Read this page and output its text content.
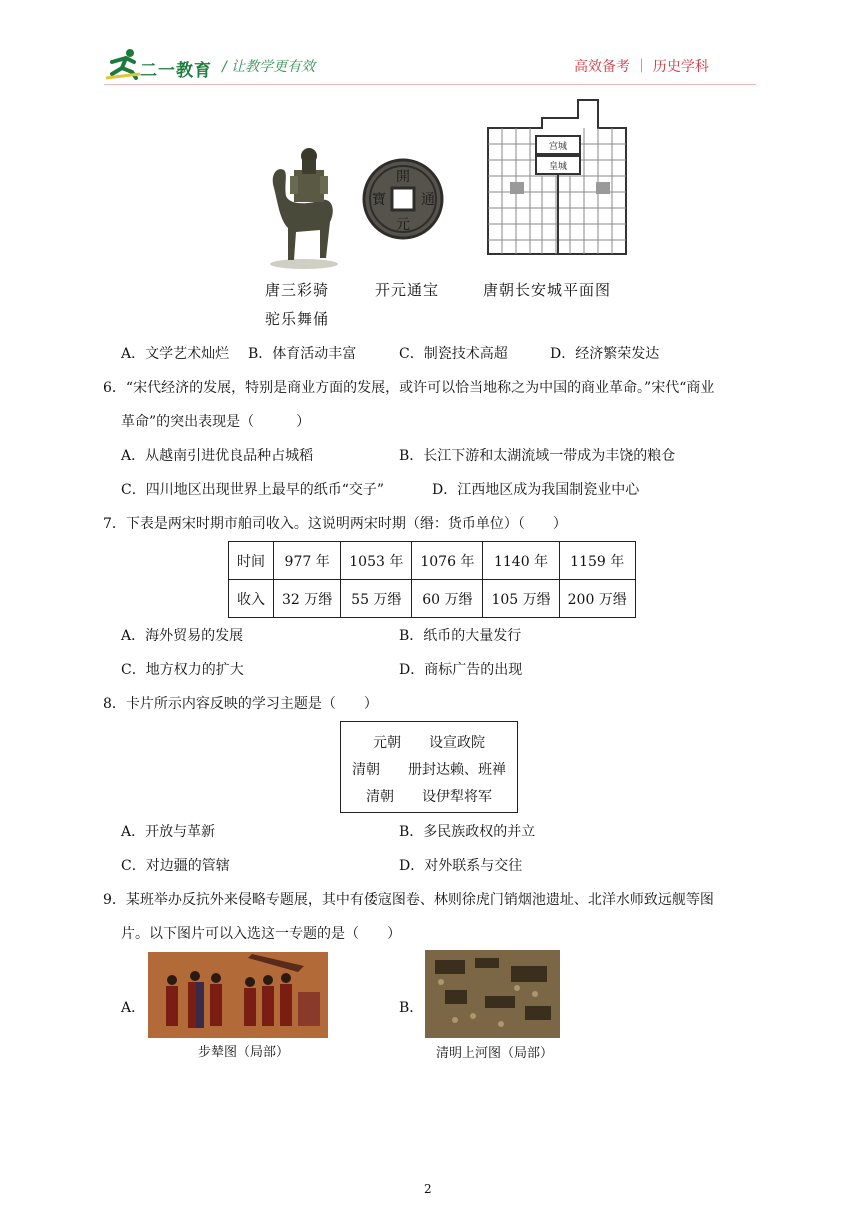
二一教育 / 让教学更有效	高效备考 ｜ 历史学科
開
元
通
寶
宫城
皇城
唐三彩骑
驼乐舞俑
开元通宝	唐朝长安城平面图
A．文学艺术灿烂 B．体育活动丰富	C．制瓷技术高超	D．经济繁荣发达
6．“宋代经济的发展，特别是商业方面的发展，或许可以恰当地称之为中国的商业革命。”宋代“商业
革命”的突出表现是（　　　）
A．从越南引进优良品种占城稻	B．长江下游和太湖流域一带成为丰饶的粮仓
C．四川地区出现世界上最早的纸币“交子”	D．江西地区成为我国制瓷业中心
7．下表是两宋时期市舶司收入。这说明两宋时期（缗：货币单位）（　　）
时间	977 年	1053 年	1076 年	1140 年	1159 年
收入	32 万缗	55 万缗	60 万缗	105 万缗	200 万缗
A．海外贸易的发展	B．纸币的大量发行
C．地方权力的扩大	D．商标广告的出现
8．卡片所示内容反映的学习主题是（　　）
元朝　　设宣政院
清朝　　册封达赖、班禅
清朝　　设伊犁将军
A．开放与革新	B．多民族政权的并立
C．对边疆的管辖	D．对外联系与交往
9．某班举办反抗外来侵略专题展，其中有倭寇图卷、林则徐虎门销烟池遗址、北洋水师致远舰等图
片。以下图片可以入选这一专题的是（　　）
A．
步辇图（局部）
B．
清明上河图（局部）
2
